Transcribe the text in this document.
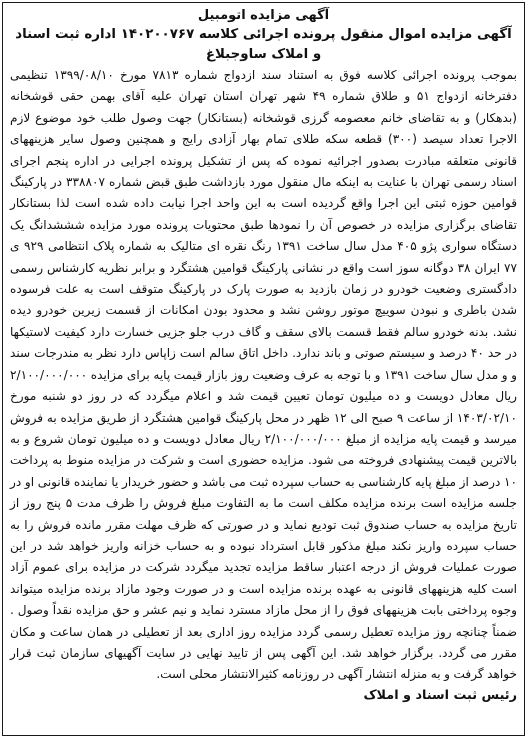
آگهی مزایده اتومبیل

آگهی مزایده اموال منقول پرونده اجرائی کلاسه ۱۴۰۲۰۰۷۶۷ اداره ثبت اسناد و املاک ساوجبلاغ

بموجب پرونده اجرائی کلاسه فوق به استناد سند ازدواج شماره ۷۸۱۳ مورخ ۱۳۹۹/۰۸/۱۰ تنظیمی دفترخانه ازدواج ۵۱ و طلاق شماره ۴۹ شهر تهران استان تهران علیه آقای بهمن حقی قوشخانه (بدهکار) و به تقاضای خانم معصومه گرزی قوشخانه (بستانکار) جهت وصول طلب خود موضوع لازم الاجرا تعداد سیصد (۳۰۰) قطعه سکه طلای تمام بهار آزادی رایج و همچنین وصول سایر هزینههای قانونی متعلقه مبادرت بصدور اجرائیه نموده که پس از تشکیل پرونده اجرایی در اداره پنجم اجرای اسناد رسمی تهران با عنایت به اینکه مال منقول مورد بازداشت طبق قبض شماره ۳۳۸۸۰۷ در پارکینگ قوامین حوزه ثبتی این اجرا واقع گردیده است به این واحد اجرا نیابت داده شده است لذا بستانکار تقاضای برگزاری مزایده در خصوص آن را نمودها طبق محتویات پرونده مورد مزایده شششدانگ یک دستگاه سواری پژو ۴۰۵ مدل سال ساخت ۱۳۹۱ رنگ نقره ای متالیک به شماره پلاک انتظامی ۹۲۹ ی ۷۷ ایران ۳۸ دوگانه سوز است واقع در نشانی پارکینگ قوامین هشتگرد و برابر نظریه کارشناس رسمی دادگستری وضعیت خودرو در زمان بازدید به صورت پارک در پارکینگ متوقف است به علت فرسوده شدن باطری و نبودن سوییچ موتور روشن نشد و محدود بودن امکانات از قسمت زیرین خودرو دیده نشد. بدنه خودرو سالم فقط قسمت بالای سقف و گاف درب جلو جزیی خسارت دارد کیفیت لاستیکها در حد ۴۰ درصد و سیستم صوتی و باند ندارد. داخل اتاق سالم است زاپاس دارد نظر به مندرجات سند و و مدل سال ساخت ۱۳۹۱ و با توجه به عرف وضعیت روز بازار قیمت پایه برای مزایده ۲/۱۰۰/۰۰۰/۰۰۰ ریال معادل دویست و ده میلیون تومان تعیین قیمت شد و اعلام میگردد که در روز دو شنبه مورخ ۱۴۰۳/۰۲/۱۰ از ساعت ۹ صبح الی ۱۲ ظهر در محل پارکینگ قوامین هشتگرد از طریق مزایده به فروش میرسد و قیمت پایه مزایده از مبلغ ۲/۱۰۰/۰۰۰/۰۰۰ ریال معادل دویست و ده میلیون تومان شروع و به بالاترین قیمت پیشنهادی فروخته می شود. مزایده حضوری است و شرکت در مزایده منوط به پرداخت ۱۰ درصد از مبلغ پایه کارشناسی به حساب سپرده ثبت می باشد و حضور خریدار یا نماینده قانونی او در جلسه مزایده است برنده مزایده مکلف است ما به التفاوت مبلغ فروش را ظرف مدت ۵ پنج روز از تاریخ مزایده به حساب صندوق ثبت تودیع نماید و در صورتی که ظرف مهلت مقرر مانده فروش را به حساب سپرده واریز نکند مبلغ مذکور قابل استرداد نبوده و به حساب خزانه واریز خواهد شد در این صورت عملیات فروش از درجه اعتبار ساقط مزایده تجدید میگردد شرکت در مزایده برای عموم آزاد است کلیه هزینههای قانونی به عهده برنده مزایده است و در صورت وجود مازاد برنده مزایده میتواند وجوه پرداختی بابت هزینههای فوق را از محل مازاد مسترد نماید و نیم عشر و حق مزایده نقداً وصول . ضمناً چنانچه روز مزایده تعطیل رسمی گردد مزایده روز اداری بعد از تعطیلی در همان ساعت و مکان مقرر می گردد. برگزار خواهد شد. این آگهی پس از تایید نهایی در سایت آگهیهای سازمان ثبت قرار خواهد گرفت و به منزله انتشار آگهی در روزنامه کثیرالانتشار محلی است.

رئیس ثبت اسناد و املاک
